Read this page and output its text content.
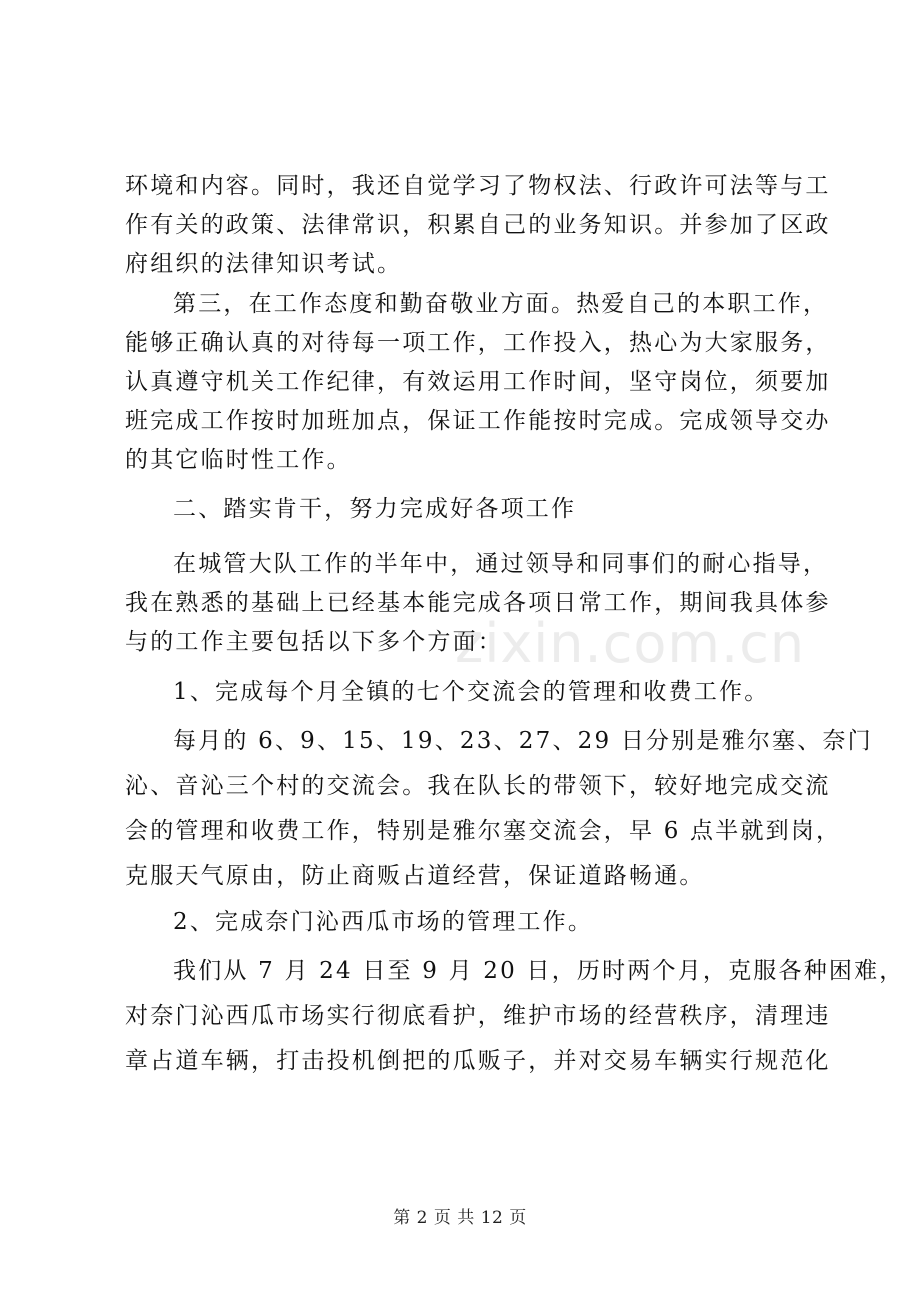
zixin.com.cn
环境和内容。同时，我还自觉学习了物权法、行政许可法等与工
作有关的政策、法律常识，积累自己的业务知识。并参加了区政
府组织的法律知识考试。
第三，在工作态度和勤奋敬业方面。热爱自己的本职工作，
能够正确认真的对待每一项工作，工作投入，热心为大家服务，
认真遵守机关工作纪律，有效运用工作时间，坚守岗位，须要加
班完成工作按时加班加点，保证工作能按时完成。完成领导交办
的其它临时性工作。
二、踏实肯干，努力完成好各项工作
在城管大队工作的半年中，通过领导和同事们的耐心指导，
我在熟悉的基础上已经基本能完成各项日常工作，期间我具体参
与的工作主要包括以下多个方面：
1、完成每个月全镇的七个交流会的管理和收费工作。
每月的 6、9、15、19、23、27、29 日分别是雅尔塞、奈门
沁、音沁三个村的交流会。我在队长的带领下，较好地完成交流
会的管理和收费工作，特别是雅尔塞交流会，早 6 点半就到岗，
克服天气原由，防止商贩占道经营，保证道路畅通。
2、完成奈门沁西瓜市场的管理工作。
我们从 7 月 24 日至 9 月 20 日，历时两个月，克服各种困难，
对奈门沁西瓜市场实行彻底看护，维护市场的经营秩序，清理违
章占道车辆，打击投机倒把的瓜贩子，并对交易车辆实行规范化
第 2 页 共 12 页
